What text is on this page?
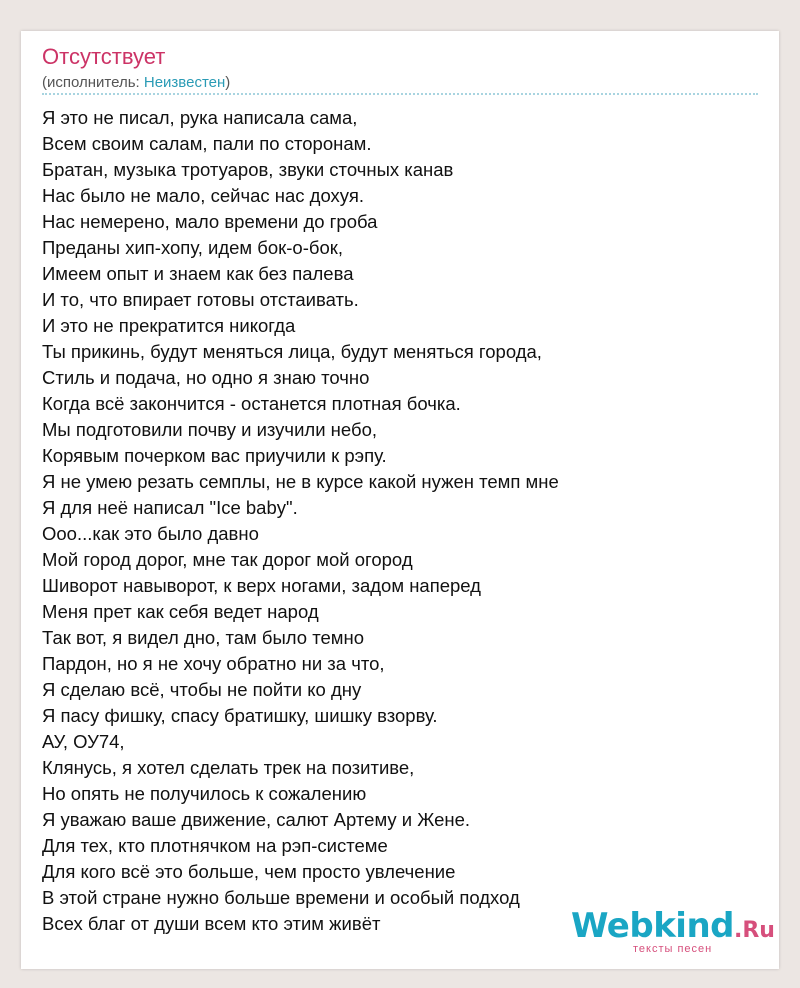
Отсутствует
(исполнитель: Неизвестен)
Я это не писал, рука написала сама,
Всем своим салам, пали по сторонам.
Братан, музыка тротуаров, звуки сточных канав
Нас было не мало, сейчас нас дохуя.
Нас немерено, мало времени до гроба
Преданы хип-хопу, идем бок-о-бок,
Имеем опыт и знаем как без палева
И то, что впирает готовы отстаивать.
И это не прекратится никогда
Ты прикинь, будут меняться лица, будут меняться города,
Стиль и подача, но одно я знаю точно
Когда всё закончится - останется плотная бочка.
Мы подготовили почву и изучили небо,
Корявым почерком вас приучили к рэпу.
Я не умею резать семплы, не в курсе какой нужен темп мне
Я для неё написал "Ice baby".
Ооо...как это было давно
Мой город дорог, мне так дорог мой огород
Шиворот навыворот, к верх ногами, задом наперед
Меня прет как себя ведет народ
Так вот, я видел дно, там было темно
Пардон, но я не хочу обратно ни за что,
Я сделаю всё, чтобы не пойти ко дну
Я пасу фишку, спасу братишку, шишку взорву.
АУ, ОУ74,
Клянусь, я хотел сделать трек на позитиве,
Но опять не получилось к сожалению
Я уважаю ваше движение, салют Артему и Жене.
Для тех, кто плотнячком на рэп-системе
Для кого всё это больше, чем просто увлечение
В этой стране нужно больше времени и особый подход
Всех благ от души всем кто этим живёт	Webkind.Ru
тексты песен
